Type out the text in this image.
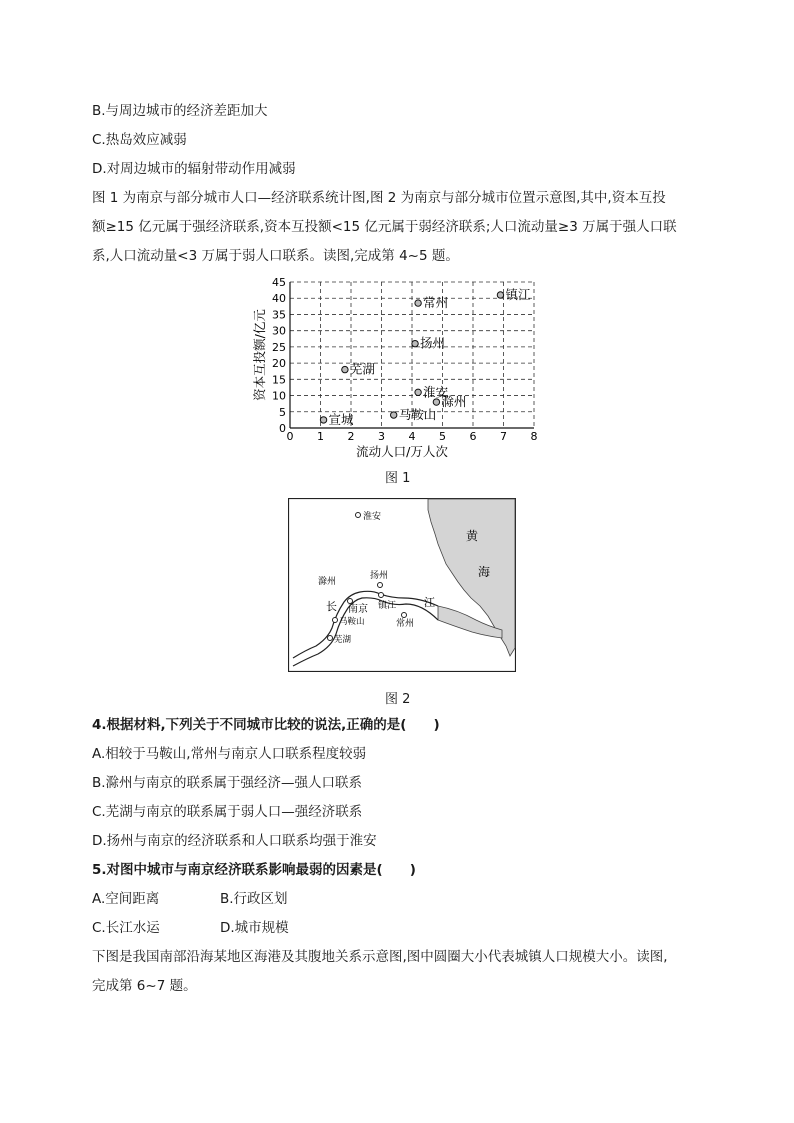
B.与周边城市的经济差距加大
C.热岛效应减弱
D.对周边城市的辐射带动作用减弱
图 1 为南京与部分城市人口—经济联系统计图,图 2 为南京与部分城市位置示意图,其中,资本互投
额≥15 亿元属于强经济联系,资本互投额<15 亿元属于弱经济联系;人口流动量≥3 万属于强人口联
系,人口流动量<3 万属于弱人口联系。读图,完成第 4~5 题。
0 1 2 3 4 5 6 7 8
0
5
10
15
20
25
30
35
40
45
镇江
常州
扬州
芜湖
淮安
滁州
马鞍山
宣城
资本互投额/亿元
流动人口/万人次
图 1
黄
海
长	江
淮安
滁州
扬州
南京 镇江
常州
马鞍山
芜湖
图 2
4.根据材料,下列关于不同城市比较的说法,正确的是(　　)
A.相较于马鞍山,常州与南京人口联系程度较弱
B.滁州与南京的联系属于强经济—强人口联系
C.芜湖与南京的联系属于弱人口—强经济联系
D.扬州与南京的经济联系和人口联系均强于淮安
5.对图中城市与南京经济联系影响最弱的因素是(　　)
A.空间距离	B.行政区划
C.长江水运	D.城市规模
下图是我国南部沿海某地区海港及其腹地关系示意图,图中圆圈大小代表城镇人口规模大小。读图,
完成第 6~7 题。
